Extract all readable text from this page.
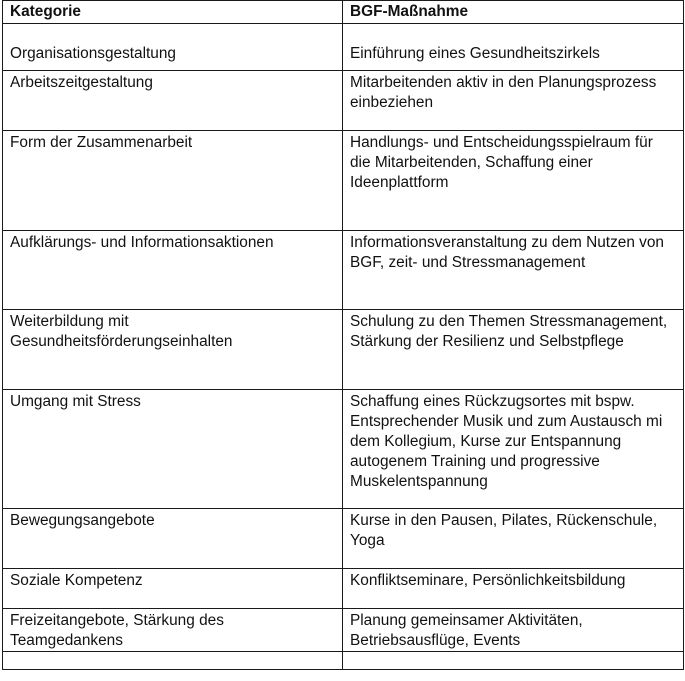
Kategorie	BGF-Maßnahme
Organisationsgestaltung	Einführung eines Gesundheitszirkels
Arbeitszeitgestaltung	Mitarbeitenden aktiv in den Planungsprozess einbeziehen
Form der Zusammenarbeit	Handlungs- und Entscheidungsspielraum für die Mitarbeitenden, Schaffung einer Ideenplattform
Aufklärungs- und Informationsaktionen	Informationsveranstaltung zu dem Nutzen von BGF, zeit- und Stressmanagement
Weiterbildung mit Gesundheitsförderungseinhalten	Schulung zu den Themen Stressmanagement, Stärkung der Resilienz und Selbstpflege
Umgang mit Stress	Schaffung eines Rückzugsortes mit bspw. Entsprechender Musik und zum Austausch mi dem Kollegium, Kurse zur Entspannung autogenem Training und progressive Muskelentspannung
Bewegungsangebote	Kurse in den Pausen, Pilates, Rückenschule, Yoga
Soziale Kompetenz	Konfliktseminare, Persönlichkeitsbildung
Freizeitangebote, Stärkung des Teamgedankens	Planung gemeinsamer Aktivitäten, Betriebsausflüge, Events
